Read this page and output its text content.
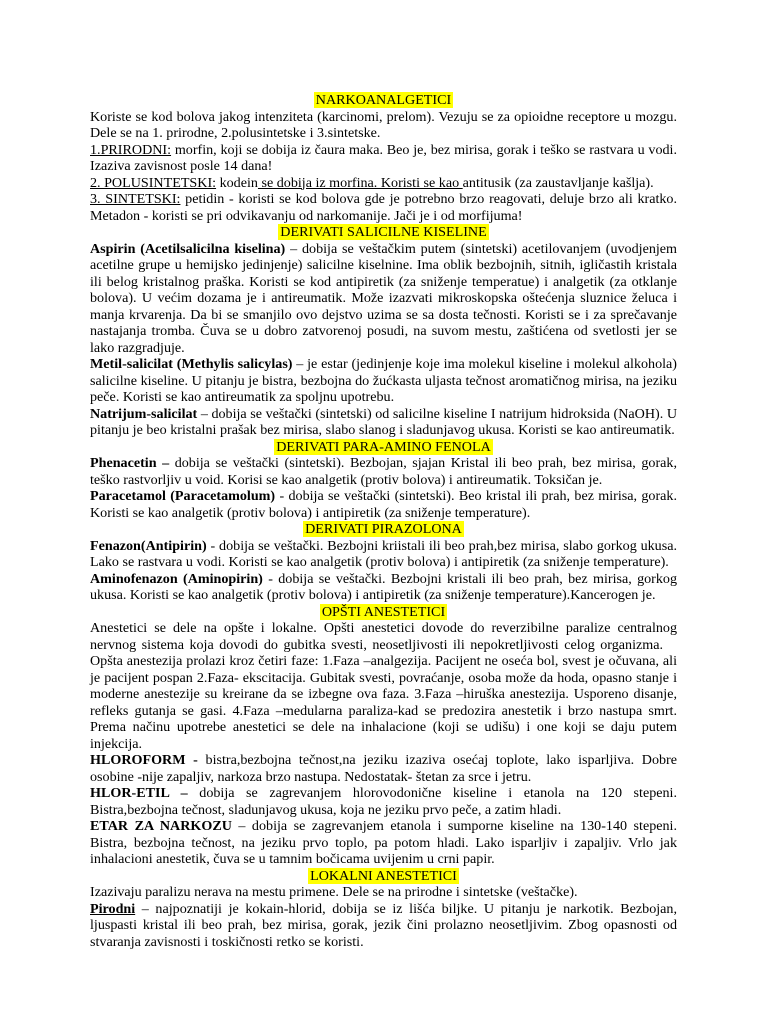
NARKOANALGETICI

Koriste se kod bolova jakog intenziteta (karcinomi, prelom). Vezuju se za opioidne receptore u mozgu. Dele se na 1. prirodne, 2.polusintetske i 3.sintetske.

1.PRIRODNI: morfin, koji se dobija iz čaura maka. Beo je, bez mirisa, gorak i teško se rastvara u vodi. Izaziva zavisnost posle 14 dana!

2. POLUSINTETSKI: kodein se dobija iz morfina. Koristi se kao antitusik (za zaustavljanje kašlja).

3. SINTETSKI: petidin - koristi se kod bolova gde je potrebno brzo reagovati, deluje brzo ali kratko. Metadon - koristi se pri odvikavanju od narkomanije. Jači je i od morfijuma!

DERIVATI SALICILNE KISELINE

Aspirin (Acetilsalicilna kiselina) – dobija se veštačkim putem (sintetski) acetilovanjem (uvodjenjem acetilne grupe u hemijsko jedinjenje) salicilne kiselnine. Ima oblik bezbojnih, sitnih, igličastih kristala ili belog kristalnog praška. Koristi se kod antipiretik (za sniženje temperatue) i analgetik (za otklanje bolova). U većim dozama je i antireumatik. Može izazvati mikroskopska oštećenja sluznice želuca i manja krvarenja. Da bi se smanjilo ovo dejstvo uzima se sa dosta tečnosti. Koristi se i za sprečavanje nastajanja tromba. Čuva se u dobro zatvorenoj posudi, na suvom mestu, zaštićena od svetlosti jer se lako razgradjuje.

Metil-salicilat (Methylis salicylas) – je estar (jedinjenje koje ima molekul kiseline i molekul alkohola) salicilne kiseline. U pitanju je bistra, bezbojna do žućkasta uljasta tečnost aromatičnog mirisa, na jeziku peče. Koristi se kao antireumatik za spoljnu upotrebu.

Natrijum-salicilat – dobija se veštački (sintetski) od salicilne kiseline I natrijum hidroksida (NaOH). U pitanju je beo kristalni prašak bez mirisa, slabo slanog i sladunjavog ukusa. Koristi se kao antireumatik.

DERIVATI PARA-AMINO FENOLA

Phenacetin – dobija se veštački (sintetski). Bezbojan, sjajan Kristal ili beo prah, bez mirisa, gorak, teško rastvorljiv u void. Korisi se kao analgetik (protiv bolova) i antireumatik. Toksičan je.

Paracetamol (Paracetamolum) - dobija se veštački (sintetski). Beo kristal ili prah, bez mirisa, gorak. Koristi se kao analgetik (protiv bolova) i antipiretik (za sniženje temperature).

DERIVATI PIRAZOLONA

Fenazon(Antipirin) - dobija se veštački. Bezbojni kriistali ili beo prah,bez mirisa, slabo gorkog ukusa. Lako se rastvara u vodi. Koristi se kao analgetik (protiv bolova) i antipiretik (za sniženje temperature).

Aminofenazon (Aminopirin) - dobija se veštački. Bezbojni kristali ili beo prah, bez mirisa, gorkog ukusa. Koristi se kao analgetik (protiv bolova) i antipiretik (za sniženje temperature).Kancerogen je.

OPŠTI ANESTETICI

Anestetici se dele na opšte i lokalne. Opšti anestetici dovode do reverzibilne paralize centralnog nervnog sistema koja dovodi do gubitka svesti, neosetljivosti ili nepokretljivosti celog organizma.Opšta anestezija prolazi kroz četiri faze: 1.Faza –analgezija. Pacijent ne oseća bol, svest je očuvana, ali je pacijent pospan 2.Faza- ekscitacija. Gubitak svesti, povraćanje, osoba može da hoda, opasno stanje i moderne anestezije su kreirane da se izbegne ova faza. 3.Faza –hiruška anestezija. Usporeno disanje, refleks gutanja se gasi. 4.Faza –medularna paraliza-kad se predozira anestetik i brzo nastupa smrt. Prema načinu upotrebe anestetici se dele na inhalacione (koji se udišu) i one koji se daju putem injekcija.

HLOROFORM - bistra,bezbojna tečnost,na jeziku izaziva osećaj toplote, lako isparljiva. Dobre osobine -nije zapaljiv, narkoza brzo nastupa. Nedostatak- štetan za srce i jetru.

HLOR-ETIL – dobija se zagrevanjem hlorovodonične kiseline i etanola na 120 stepeni. Bistra,bezbojna tečnost, sladunjavog ukusa, koja ne jeziku prvo peče, a zatim hladi.

ETAR ZA NARKOZU – dobija se zagrevanjem etanola i sumporne kiseline na 130-140 stepeni. Bistra, bezbojna tečnost, na jeziku prvo toplo, pa potom hladi. Lako isparljiv i zapaljiv. Vrlo jak inhalacioni anestetik, čuva se u tamnim bočicama uvijenim u crni papir.

LOKALNI ANESTETICI

Izazivaju paralizu nerava na mestu primene. Dele se na prirodne i sintetske (veštačke).

Pirodni – najpoznatiji je kokain-hlorid, dobija se iz lišća biljke. U pitanju je narkotik. Bezbojan, ljuspasti kristal ili beo prah, bez mirisa, gorak, jezik čini prolazno neosetljivim. Zbog opasnosti od stvaranja zavisnosti i toskičnosti retko se koristi.
